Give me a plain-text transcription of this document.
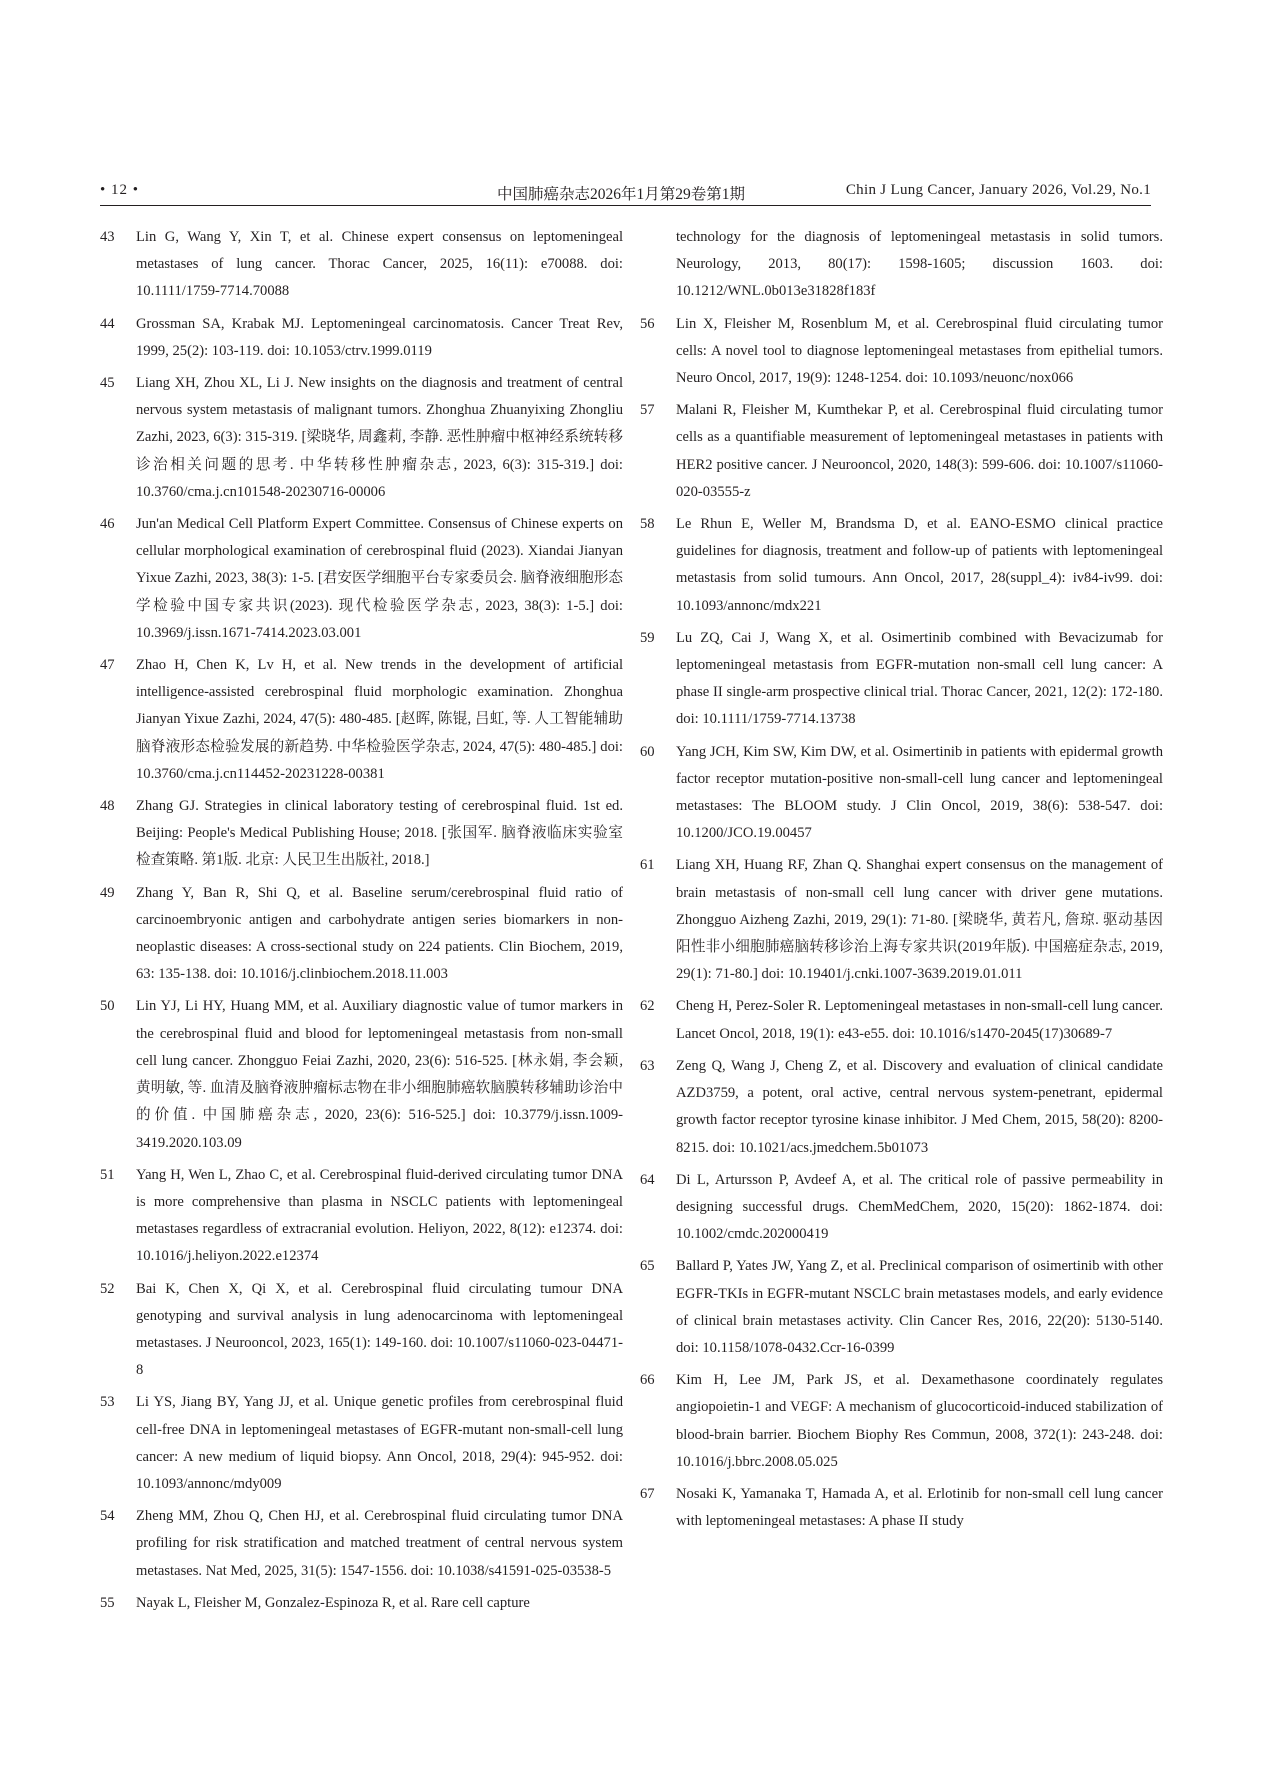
• 12 •	中国肺癌杂志2026年1月第29卷第1期	Chin J Lung Cancer, January 2026, Vol.29, No.1
43 Lin G, Wang Y, Xin T, et al. Chinese expert consensus on leptomeningeal metastases of lung cancer. Thorac Cancer, 2025, 16(11): e70088. doi: 10.1111/1759-7714.70088
44 Grossman SA, Krabak MJ. Leptomeningeal carcinomatosis. Cancer Treat Rev, 1999, 25(2): 103-119. doi: 10.1053/ctrv.1999.0119
45 Liang XH, Zhou XL, Li J. New insights on the diagnosis and treatment of central nervous system metastasis of malignant tumors. Zhonghua Zhuanyixing Zhongliu Zazhi, 2023, 6(3): 315-319. [梁晓华, 周鑫莉, 李静. 恶性肿瘤中枢神经系统转移诊治相关问题的思考. 中华转移性肿瘤杂志, 2023, 6(3): 315-319.] doi: 10.3760/cma.j.cn101548-20230716-00006
46 Jun'an Medical Cell Platform Expert Committee. Consensus of Chinese experts on cellular morphological examination of cerebrospinal fluid (2023). Xiandai Jianyan Yixue Zazhi, 2023, 38(3): 1-5. [君安医学细胞平台专家委员会. 脑脊液细胞形态学检验中国专家共识(2023). 现代检验医学杂志, 2023, 38(3): 1-5.] doi: 10.3969/j.issn.1671-7414.2023.03.001
47 Zhao H, Chen K, Lv H, et al. New trends in the development of artificial intelligence-assisted cerebrospinal fluid morphologic examination. Zhonghua Jianyan Yixue Zazhi, 2024, 47(5): 480-485. [赵晖, 陈锟, 吕虹, 等. 人工智能辅助脑脊液形态检验发展的新趋势. 中华检验医学杂志, 2024, 47(5): 480-485.] doi: 10.3760/cma.j.cn114452-20231228-00381
48 Zhang GJ. Strategies in clinical laboratory testing of cerebrospinal fluid. 1st ed. Beijing: People's Medical Publishing House; 2018. [张国军. 脑脊液临床实验室检查策略. 第1版. 北京: 人民卫生出版社, 2018.]
49 Zhang Y, Ban R, Shi Q, et al. Baseline serum/cerebrospinal fluid ratio of carcinoembryonic antigen and carbohydrate antigen series biomarkers in non-neoplastic diseases: A cross-sectional study on 224 patients. Clin Biochem, 2019, 63: 135-138. doi: 10.1016/j.clinbiochem.2018.11.003
50 Lin YJ, Li HY, Huang MM, et al. Auxiliary diagnostic value of tumor markers in the cerebrospinal fluid and blood for leptomeningeal metastasis from non-small cell lung cancer. Zhongguo Feiai Zazhi, 2020, 23(6): 516-525. [林永娟, 李会颖, 黄明敏, 等. 血清及脑脊液肿瘤标志物在非小细胞肺癌软脑膜转移辅助诊治中的价值. 中国肺癌杂志, 2020, 23(6): 516-525.] doi: 10.3779/j.issn.1009-3419.2020.103.09
51 Yang H, Wen L, Zhao C, et al. Cerebrospinal fluid-derived circulating tumor DNA is more comprehensive than plasma in NSCLC patients with leptomeningeal metastases regardless of extracranial evolution. Heliyon, 2022, 8(12): e12374. doi: 10.1016/j.heliyon.2022.e12374
52 Bai K, Chen X, Qi X, et al. Cerebrospinal fluid circulating tumour DNA genotyping and survival analysis in lung adenocarcinoma with leptomeningeal metastases. J Neurooncol, 2023, 165(1): 149-160. doi: 10.1007/s11060-023-04471-8
53 Li YS, Jiang BY, Yang JJ, et al. Unique genetic profiles from cerebrospinal fluid cell-free DNA in leptomeningeal metastases of EGFR-mutant non-small-cell lung cancer: A new medium of liquid biopsy. Ann Oncol, 2018, 29(4): 945-952. doi: 10.1093/annonc/mdy009
54 Zheng MM, Zhou Q, Chen HJ, et al. Cerebrospinal fluid circulating tumor DNA profiling for risk stratification and matched treatment of central nervous system metastases. Nat Med, 2025, 31(5): 1547-1556. doi: 10.1038/s41591-025-03538-5
55 Nayak L, Fleisher M, Gonzalez-Espinoza R, et al. Rare cell capture
technology for the diagnosis of leptomeningeal metastasis in solid tumors. Neurology, 2013, 80(17): 1598-1605; discussion 1603. doi: 10.1212/WNL.0b013e31828f183f
56 Lin X, Fleisher M, Rosenblum M, et al. Cerebrospinal fluid circulating tumor cells: A novel tool to diagnose leptomeningeal metastases from epithelial tumors. Neuro Oncol, 2017, 19(9): 1248-1254. doi: 10.1093/neuonc/nox066
57 Malani R, Fleisher M, Kumthekar P, et al. Cerebrospinal fluid circulating tumor cells as a quantifiable measurement of leptomeningeal metastases in patients with HER2 positive cancer. J Neurooncol, 2020, 148(3): 599-606. doi: 10.1007/s11060-020-03555-z
58 Le Rhun E, Weller M, Brandsma D, et al. EANO-ESMO clinical practice guidelines for diagnosis, treatment and follow-up of patients with leptomeningeal metastasis from solid tumours. Ann Oncol, 2017, 28(suppl_4): iv84-iv99. doi: 10.1093/annonc/mdx221
59 Lu ZQ, Cai J, Wang X, et al. Osimertinib combined with Bevacizumab for leptomeningeal metastasis from EGFR-mutation non-small cell lung cancer: A phase II single-arm prospective clinical trial. Thorac Cancer, 2021, 12(2): 172-180. doi: 10.1111/1759-7714.13738
60 Yang JCH, Kim SW, Kim DW, et al. Osimertinib in patients with epidermal growth factor receptor mutation-positive non-small-cell lung cancer and leptomeningeal metastases: The BLOOM study. J Clin Oncol, 2019, 38(6): 538-547. doi: 10.1200/JCO.19.00457
61 Liang XH, Huang RF, Zhan Q. Shanghai expert consensus on the management of brain metastasis of non-small cell lung cancer with driver gene mutations. Zhongguo Aizheng Zazhi, 2019, 29(1): 71-80. [梁晓华, 黄若凡, 詹琼. 驱动基因阳性非小细胞肺癌脑转移诊治上海专家共识(2019年版). 中国癌症杂志, 2019, 29(1): 71-80.] doi: 10.19401/j.cnki.1007-3639.2019.01.011
62 Cheng H, Perez-Soler R. Leptomeningeal metastases in non-small-cell lung cancer. Lancet Oncol, 2018, 19(1): e43-e55. doi: 10.1016/s1470-2045(17)30689-7
63 Zeng Q, Wang J, Cheng Z, et al. Discovery and evaluation of clinical candidate AZD3759, a potent, oral active, central nervous system-penetrant, epidermal growth factor receptor tyrosine kinase inhibitor. J Med Chem, 2015, 58(20): 8200-8215. doi: 10.1021/acs.jmedchem.5b01073
64 Di L, Artursson P, Avdeef A, et al. The critical role of passive permeability in designing successful drugs. ChemMedChem, 2020, 15(20): 1862-1874. doi: 10.1002/cmdc.202000419
65 Ballard P, Yates JW, Yang Z, et al. Preclinical comparison of osimertinib with other EGFR-TKIs in EGFR-mutant NSCLC brain metastases models, and early evidence of clinical brain metastases activity. Clin Cancer Res, 2016, 22(20): 5130-5140. doi: 10.1158/1078-0432.Ccr-16-0399
66 Kim H, Lee JM, Park JS, et al. Dexamethasone coordinately regulates angiopoietin-1 and VEGF: A mechanism of glucocorticoid-induced stabilization of blood-brain barrier. Biochem Biophy Res Commun, 2008, 372(1): 243-248. doi: 10.1016/j.bbrc.2008.05.025
67 Nosaki K, Yamanaka T, Hamada A, et al. Erlotinib for non-small cell lung cancer with leptomeningeal metastases: A phase II study
